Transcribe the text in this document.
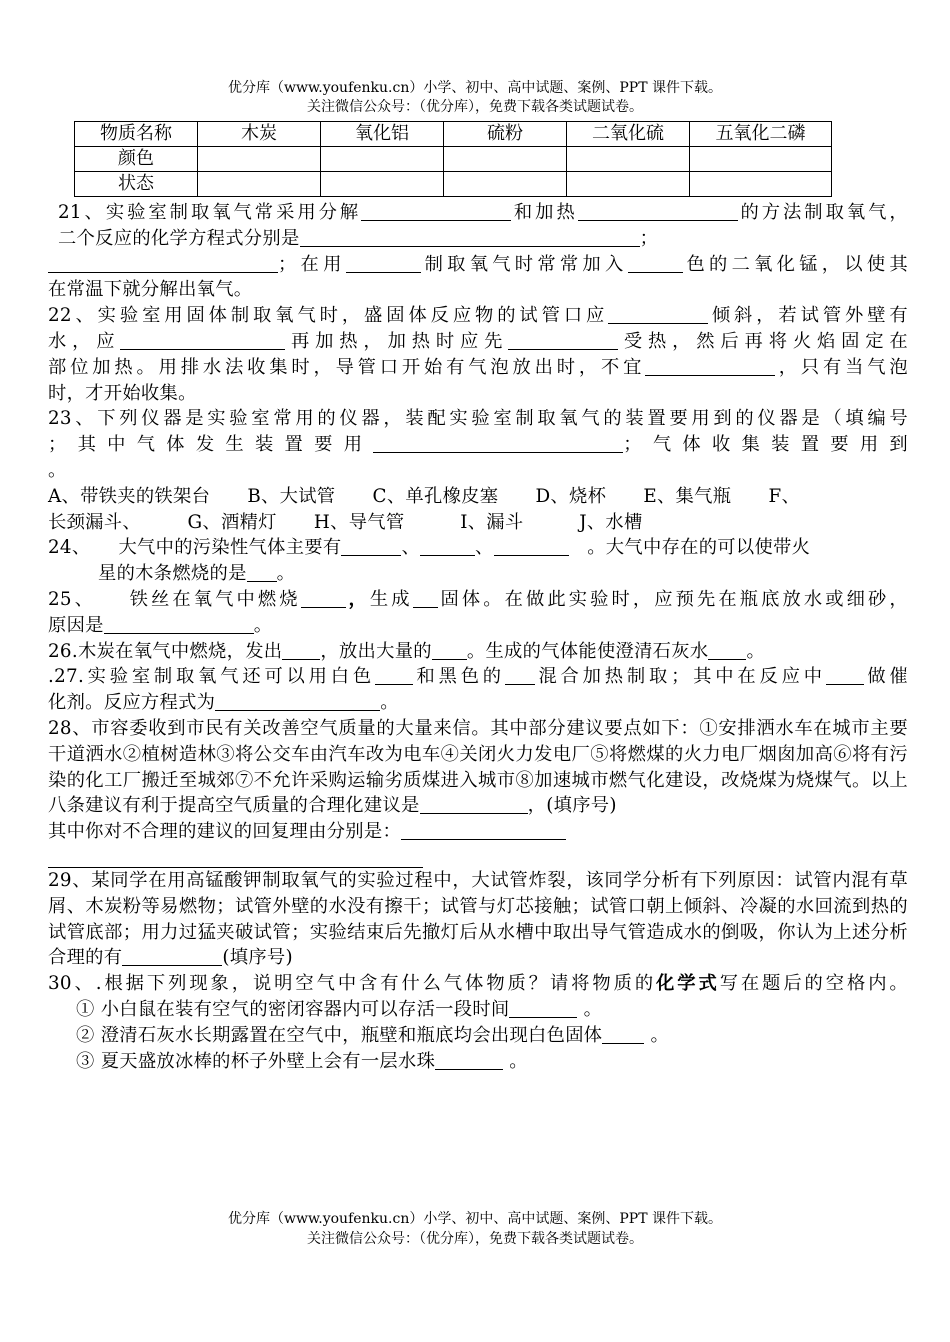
优分库（www.youfenku.cn）小学、初中、高中试题、案例、PPT 课件下载。
关注微信公众号：（优分库），免费下载各类试题试卷。
物质名称	木炭	氧化铝	硫粉	二氧化硫	五氧化二磷
颜色					
状态					

21、实验室制取氧气常采用分解	和加热	的方法制取氧气，

二个反应的化学方程式分别是	；

；在用	制取氧气时常常加入	色的二氧化锰，以使其

在常温下就分解出氧气。

22、实验室用固体制取氧气时，盛固体反应物的试管口应	倾斜，若试管外壁有

水，应	再加热，加热时应先	受热，然后再将火焰固定在

部位加热。用排水法收集时，导管口开始有气泡放出时，不宜	，只有当气泡

时，才开始收集。

23、下列仪器是实验室常用的仪器，装配实验室制取氧气的装置要用到的仪器是（填编号

；其中气体发生装置要用	；气体收集装置要用到

。

A、带铁夹的铁架台　　B、大试管　　C、单孔橡皮塞　　D、烧杯　　E、集气瓶　　F、

长颈漏斗、　　　G、酒精灯　　H、导气管　　　I、漏斗　　　J、水槽

24、　　大气中的污染性气体主要有	、	、　	。大气中存在的可以使带火

星的木条燃烧的是 。

25、　　铁丝在氧气中燃烧 ，生成 固体。在做此实验时，应预先在瓶底放水或细砂，

原因是	。

26.木炭在氧气中燃烧，发出 ，放出大量的 。生成的气体能使澄清石灰水 。

.27.实验室制取氧气还可以用白色 和黑色的 混合加热制取；其中在反应中 做催

化剂。反应方程式为	。

28、市容委收到市民有关改善空气质量的大量来信。其中部分建议要点如下：①安排洒水车在城市主要干道洒水②植树造林③将公交车由汽车改为电车④关闭火力发电厂⑤将燃煤的火力电厂烟囱加高⑥将有污染的化工厂搬迁至城郊⑦不允许采购运输劣质煤进入城市⑧加速城市燃气化建设，改烧煤为烧煤气。以上八条建议有利于提高空气质量的合理化建议是	，(填序号)

其中你对不合理的建议的回复理由分别是：

29、某同学在用高锰酸钾制取氧气的实验过程中，大试管炸裂，该同学分析有下列原因：试管内混有草屑、木炭粉等易燃物；试管外壁的水没有擦干；试管与灯芯接触；试管口朝上倾斜、冷凝的水回流到热的试管底部；用力过猛夹破试管；实验结束后先撤灯后从水槽中取出导气管造成水的倒吸，你认为上述分析合理的有	(填序号)

30、.根据下列现象，说明空气中含有什么气体物质？请将物质的化学式写在题后的空格内。

① 小白鼠在装有空气的密闭容器内可以存活一段时间	。

② 澄清石灰水长期露置在空气中，瓶壁和瓶底均会出现白色固体	。

③ 夏天盛放冰棒的杯子外壁上会有一层水珠	。

优分库（www.youfenku.cn）小学、初中、高中试题、案例、PPT 课件下载。
关注微信公众号：（优分库），免费下载各类试题试卷。
